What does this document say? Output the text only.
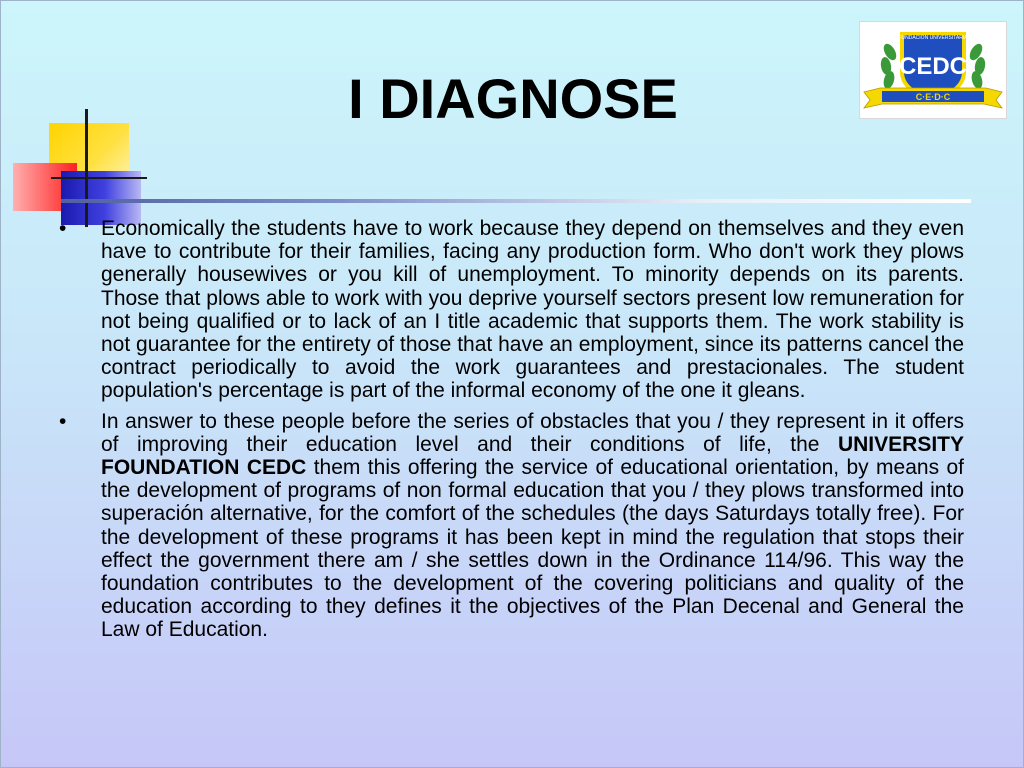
I DIAGNOSE
FUNDACION UNIVERSITARIA
CEDC
C·E·D·C
• Economically the students have to work because they depend on themselves and they even have to contribute for their families, facing any production form. Who don't work they plows generally housewives or you kill of unemployment. To minority depends on its parents. Those that plows able to work with you deprive yourself sectors present low remuneration for not being qualified or to lack of an I title academic that supports them. The work stability is not guarantee for the entirety of those that have an employment, since its patterns cancel the contract periodically to avoid the work guarantees and prestacionales. The student population's percentage is part of the informal economy of the one it gleans.
• In answer to these people before the series of obstacles that you / they represent in it offers of improving their education level and their conditions of life, the UNIVERSITY FOUNDATION CEDC them this offering the service of educational orientation, by means of the development of programs of non formal education that you / they plows transformed into superación alternative, for the comfort of the schedules (the days Saturdays totally free). For the development of these programs it has been kept in mind the regulation that stops their effect the government there am / she settles down in the Ordinance 114/96. This way the foundation contributes to the development of the covering politicians and quality of the education according to they defines it the objectives of the Plan Decenal and General the Law of Education.
